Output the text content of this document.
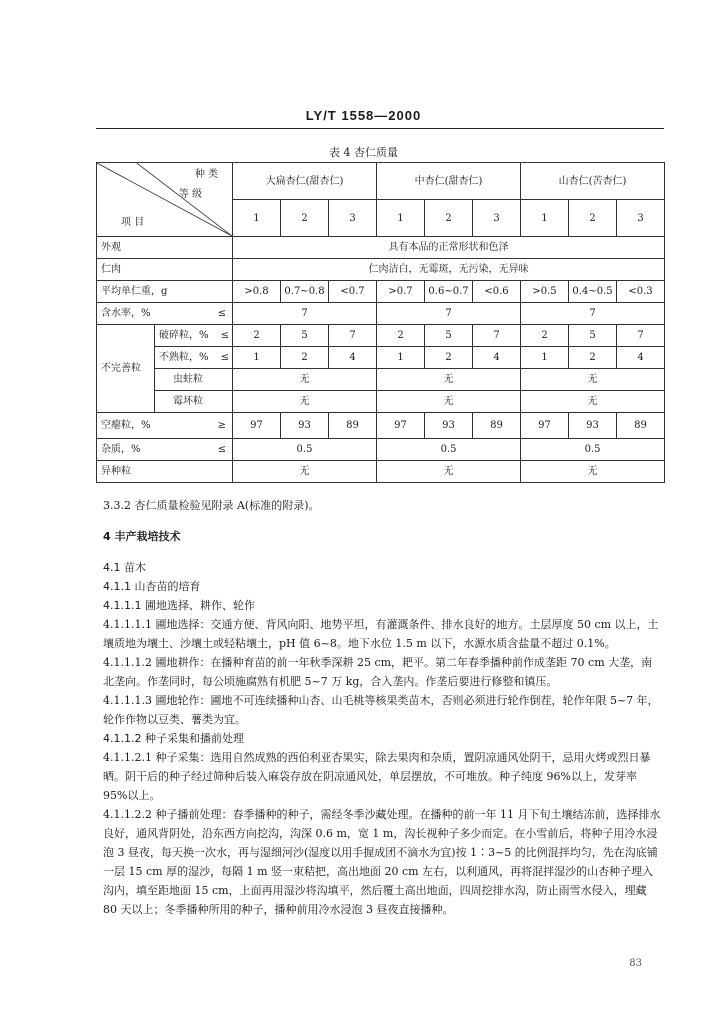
LY/T 1558—2000
表 4 杏仁质量
种 类
等 级
项 目		大扁杏仁(甜杏仁)			中杏仁(甜杏仁)			山杏仁(苦杏仁)		
		1	2	3	1	2	3	1	2	3
外观		具有本品的正常形状和色泽								
仁肉		仁肉洁白，无霉斑，无污染，无异味								
平均单仁重，g		>0.8	0.7~0.8	<0.7	>0.7	0.6~0.7	<0.6	>0.5	0.4~0.5	<0.3
含水率，% ≤		7			7			7		
不完善粒	破碎粒，% ≤	2	5	7	2	5	7	2	5	7
	不熟粒，% ≤	1	2	4	1	2	4	1	2	4
	虫蛀粒	无			无			无		
	霉坏粒	无			无			无		
空瘪粒，% ≥		97	93	89	97	93	89	97	93	89
杂质，% ≤		0.5			0.5			0.5		
异种粒		无			无			无		

3.3.2 杏仁质量检验见附录 A(标准的附录)。

4 丰产栽培技术

4.1 苗木

4.1.1 山杏苗的培育

4.1.1.1 圃地选择、耕作、轮作

4.1.1.1.1 圃地选择：交通方便、背风向阳、地势平坦，有灌溉条件、排水良好的地方。土层厚度 50 cm 以上，土壤质地为壤土、沙壤土或轻粘壤土，pH 值 6~8。地下水位 1.5 m 以下，水源水质含盐量不超过 0.1%。

4.1.1.1.2 圃地耕作：在播种育苗的前一年秋季深耕 25 cm，耙平。第二年春季播种前作成垄距 70 cm 大垄，南北垄向。作垄同时，每公顷施腐熟有机肥 5~7 万 kg，合入垄内。作垄后要进行修整和镇压。

4.1.1.1.3 圃地轮作：圃地不可连续播种山杏、山毛桃等核果类苗木，否则必须进行轮作倒茬，轮作年限 5~7 年，轮作作物以豆类、薯类为宜。

4.1.1.2 种子采集和播前处理

4.1.1.2.1 种子采集：选用自然成熟的西伯利亚杏果实，除去果肉和杂质，置阴凉通风处阴干，忌用火烤或烈日暴晒。阴干后的种子经过筛种后装入麻袋存放在阴凉通风处，单层摆放，不可堆放。种子纯度 96%以上，发芽率 95%以上。

4.1.1.2.2 种子播前处理：春季播种的种子，需经冬季沙藏处理。在播种的前一年 11 月下旬土壤结冻前，选择排水良好，通风背阴处，沿东西方向挖沟，沟深 0.6 m，宽 1 m，沟长视种子多少而定。在小雪前后，将种子用冷水浸泡 3 昼夜，每天换一次水，再与湿细河沙(湿度以用手握成团不滴水为宜)按 1∶3~5 的比例混拌均匀，先在沟底铺一层 15 cm 厚的湿沙，每隔 1 m 竖一束秸把，高出地面 20 cm 左右，以利通风，再将混拌湿沙的山杏种子埋入沟内，填至距地面 15 cm，上面再用湿沙将沟填平，然后覆土高出地面，四周挖排水沟，防止雨雪水侵入，埋藏 80 天以上；冬季播种所用的种子，播种前用冷水浸泡 3 昼夜直接播种。

83
